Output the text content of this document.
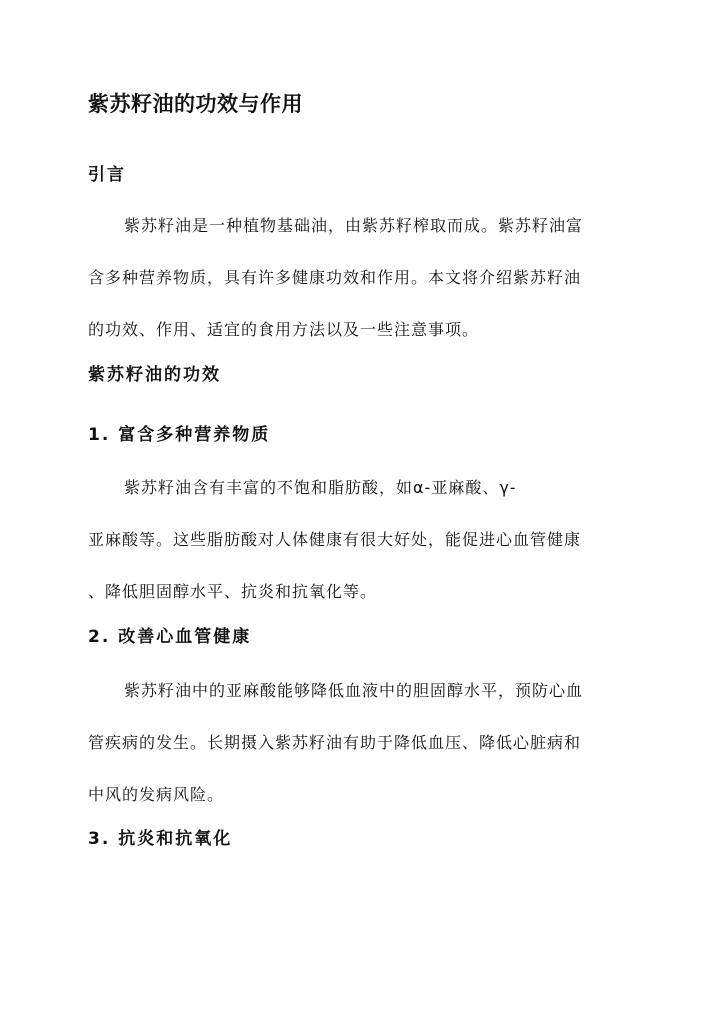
紫苏籽油的功效与作用
引言
紫苏籽油是一种植物基础油，由紫苏籽榨取而成。紫苏籽油富
含多种营养物质，具有许多健康功效和作用。本文将介绍紫苏籽油
的功效、作用、适宜的食用方法以及一些注意事项。
紫苏籽油的功效
1. 富含多种营养物质
紫苏籽油含有丰富的不饱和脂肪酸，如α-亚麻酸、γ-
亚麻酸等。这些脂肪酸对人体健康有很大好处，能促进心血管健康
、降低胆固醇水平、抗炎和抗氧化等。
2. 改善心血管健康
紫苏籽油中的亚麻酸能够降低血液中的胆固醇水平，预防心血
管疾病的发生。长期摄入紫苏籽油有助于降低血压、降低心脏病和
中风的发病风险。
3. 抗炎和抗氧化
